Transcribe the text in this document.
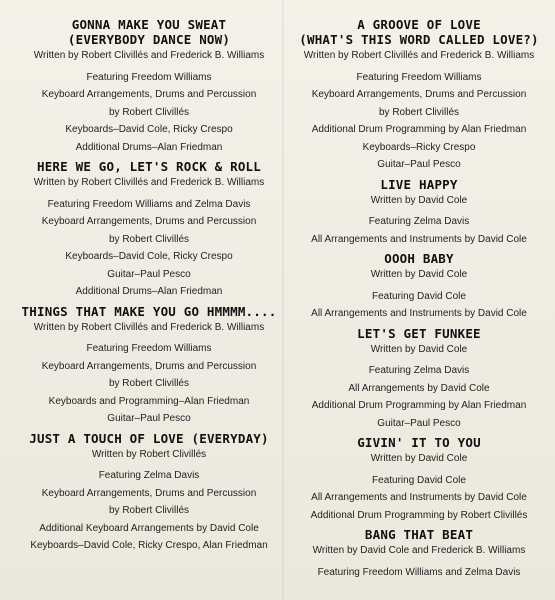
GONNA MAKE YOU SWEAT
(EVERYBODY DANCE NOW)
Written by Robert Clivillés and Frederick B. Williams
Featuring Freedom Williams
Keyboard Arrangements, Drums and Percussion
by Robert Clivillés
Keyboards–David Cole, Ricky Crespo
Additional Drums–Alan Friedman
HERE WE GO, LET'S ROCK & ROLL
Written by Robert Clivillés and Frederick B. Williams
Featuring Freedom Williams and Zelma Davis
Keyboard Arrangements, Drums and Percussion
by Robert Clivillés
Keyboards–David Cole, Ricky Crespo
Guitar–Paul Pesco
Additional Drums–Alan Friedman
THINGS THAT MAKE YOU GO HMMMM....
Written by Robert Clivillés and Frederick B. Williams
Featuring Freedom Williams
Keyboard Arrangements, Drums and Percussion
by Robert Clivillés
Keyboards and Programming–Alan Friedman
Guitar–Paul Pesco
JUST A TOUCH OF LOVE (EVERYDAY)
Written by Robert Clivillés
Featuring Zelma Davis
Keyboard Arrangements, Drums and Percussion
by Robert Clivillés
Additional Keyboard Arrangements by David Cole
Keyboards–David Cole, Ricky Crespo, Alan Friedman
A GROOVE OF LOVE
(WHAT'S THIS WORD CALLED LOVE?)
Written by Robert Clivillés and Frederick B. Williams
Featuring Freedom Williams
Keyboard Arrangements, Drums and Percussion
by Robert Clivillés
Additional Drum Programming by Alan Friedman
Keyboards–Ricky Crespo
Guitar–Paul Pesco
LIVE HAPPY
Written by David Cole
Featuring Zelma Davis
All Arrangements and Instruments by David Cole
OOOH BABY
Written by David Cole
Featuring David Cole
All Arrangements and Instruments by David Cole
LET'S GET FUNKEE
Written by David Cole
Featuring Zelma Davis
All Arrangements by David Cole
Additional Drum Programming by Alan Friedman
Guitar–Paul Pesco
GIVIN' IT TO YOU
Written by David Cole
Featuring David Cole
All Arrangements and Instruments by David Cole
Additional Drum Programming by Robert Clivillés
BANG THAT BEAT
Written by David Cole and Frederick B. Williams
Featuring Freedom Williams and Zelma Davis
